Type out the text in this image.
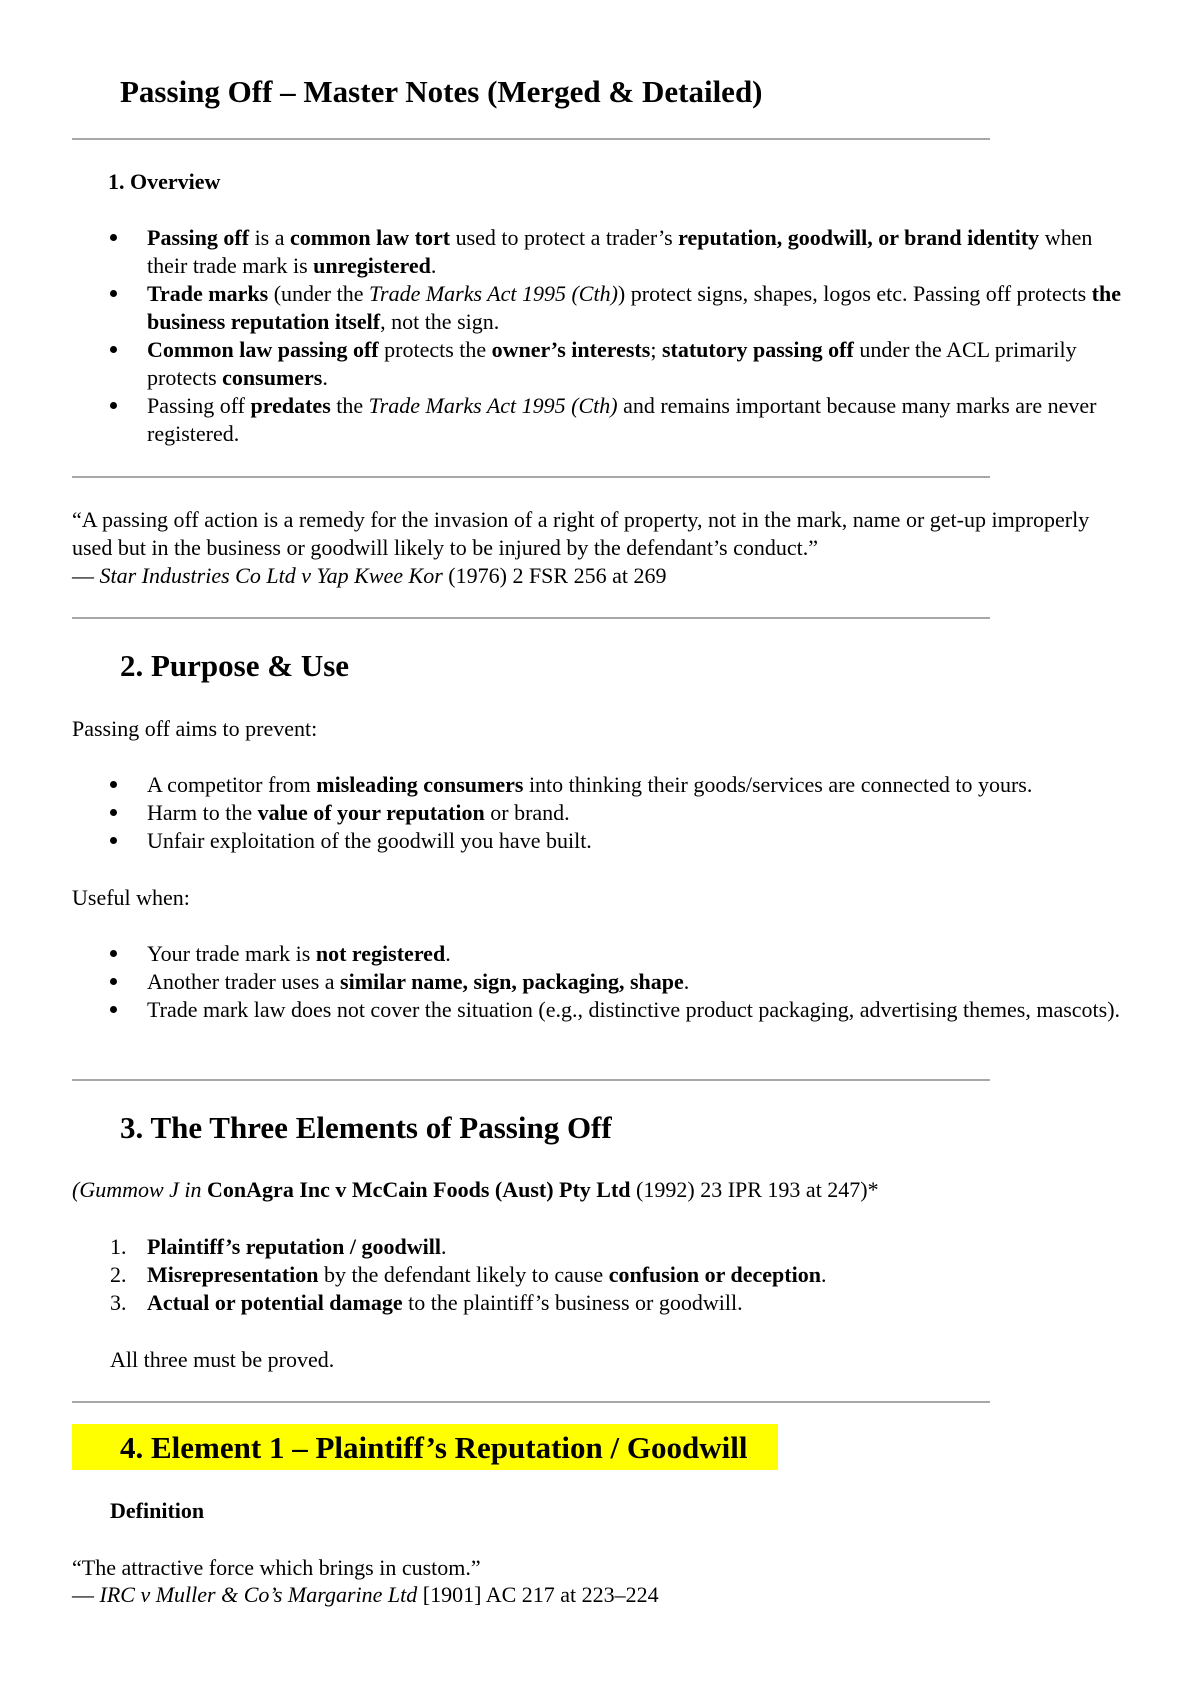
Passing Off – Master Notes (Merged & Detailed)
1. Overview
Passing off is a common law tort used to protect a trader’s reputation, goodwill, or brand identity when their trade mark is unregistered.
Trade marks (under the Trade Marks Act 1995 (Cth)) protect signs, shapes, logos etc. Passing off protects the business reputation itself, not the sign.
Common law passing off protects the owner’s interests; statutory passing off under the ACL primarily protects consumers.
Passing off predates the Trade Marks Act 1995 (Cth) and remains important because many marks are never registered.

“A passing off action is a remedy for the invasion of a right of property, not in the mark, name or get-up improperly used but in the business or goodwill likely to be injured by the defendant’s conduct.”

— Star Industries Co Ltd v Yap Kwee Kor (1976) 2 FSR 256 at 269

2. Purpose & Use

Passing off aims to prevent:

A competitor from misleading consumers into thinking their goods/services are connected to yours.
Harm to the value of your reputation or brand.
Unfair exploitation of the goodwill you have built.

Useful when:

Your trade mark is not registered.
Another trader uses a similar name, sign, packaging, shape.
Trade mark law does not cover the situation (e.g., distinctive product packaging, advertising themes, mascots).
3. The Three Elements of Passing Off

(Gummow J in ConAgra Inc v McCain Foods (Aust) Pty Ltd (1992) 23 IPR 193 at 247)*

1. Plaintiff’s reputation / goodwill.
2. Misrepresentation by the defendant likely to cause confusion or deception.
3. Actual or potential damage to the plaintiff’s business or goodwill.

All three must be proved.

4. Element 1 – Plaintiff’s Reputation / Goodwill
Definition

“The attractive force which brings in custom.”

— IRC v Muller & Co’s Margarine Ltd [1901] AC 217 at 223–224
